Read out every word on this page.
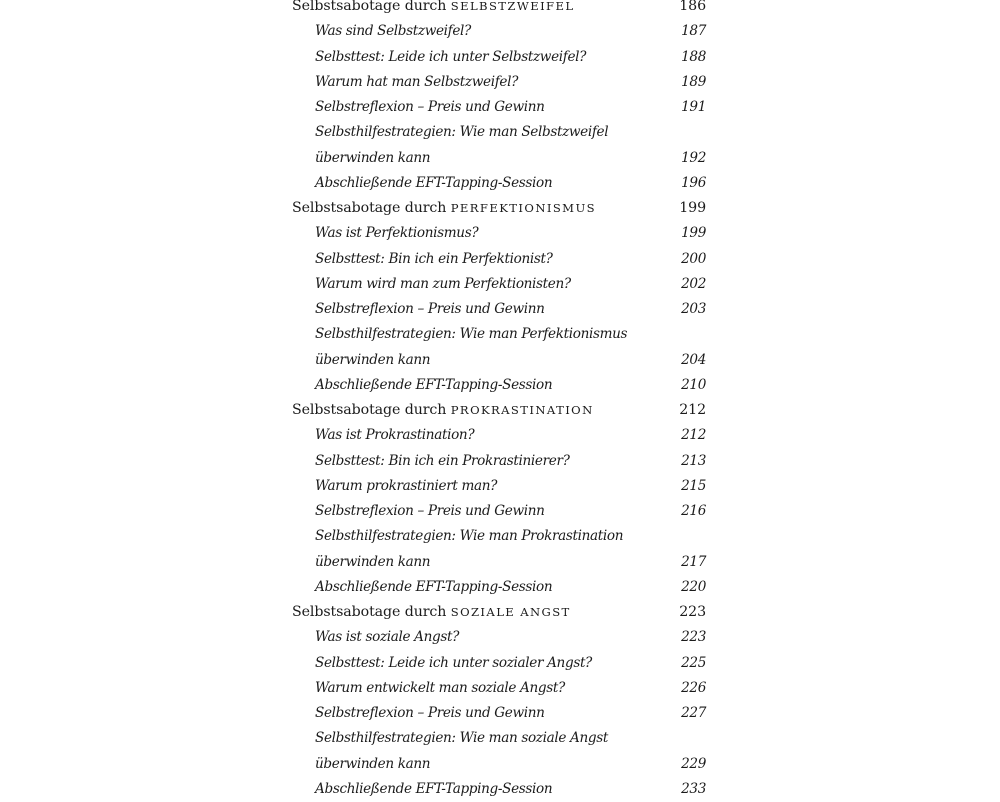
Selbstsabotage durch SELBSTZWEIFEL	186
Was sind Selbstzweifel?	187
Selbsttest: Leide ich unter Selbstzweifel?	188
Warum hat man Selbstzweifel?	189
Selbstreflexion – Preis und Gewinn	191
Selbsthilfestrategien: Wie man Selbstzweifel
überwinden kann	192
Abschließende EFT-Tapping-Session	196
Selbstsabotage durch PERFEKTIONISMUS	199
Was ist Perfektionismus?	199
Selbsttest: Bin ich ein Perfektionist?	200
Warum wird man zum Perfektionisten?	202
Selbstreflexion – Preis und Gewinn	203
Selbsthilfestrategien: Wie man Perfektionismus
überwinden kann	204
Abschließende EFT-Tapping-Session	210
Selbstsabotage durch PROKRASTINATION	212
Was ist Prokrastination?	212
Selbsttest: Bin ich ein Prokrastinierer?	213
Warum prokrastiniert man?	215
Selbstreflexion – Preis und Gewinn	216
Selbsthilfestrategien: Wie man Prokrastination
überwinden kann	217
Abschließende EFT-Tapping-Session	220
Selbstsabotage durch SOZIALE ANGST	223
Was ist soziale Angst?	223
Selbsttest: Leide ich unter sozialer Angst?	225
Warum entwickelt man soziale Angst?	226
Selbstreflexion – Preis und Gewinn	227
Selbsthilfestrategien: Wie man soziale Angst
überwinden kann	229
Abschließende EFT-Tapping-Session	233
